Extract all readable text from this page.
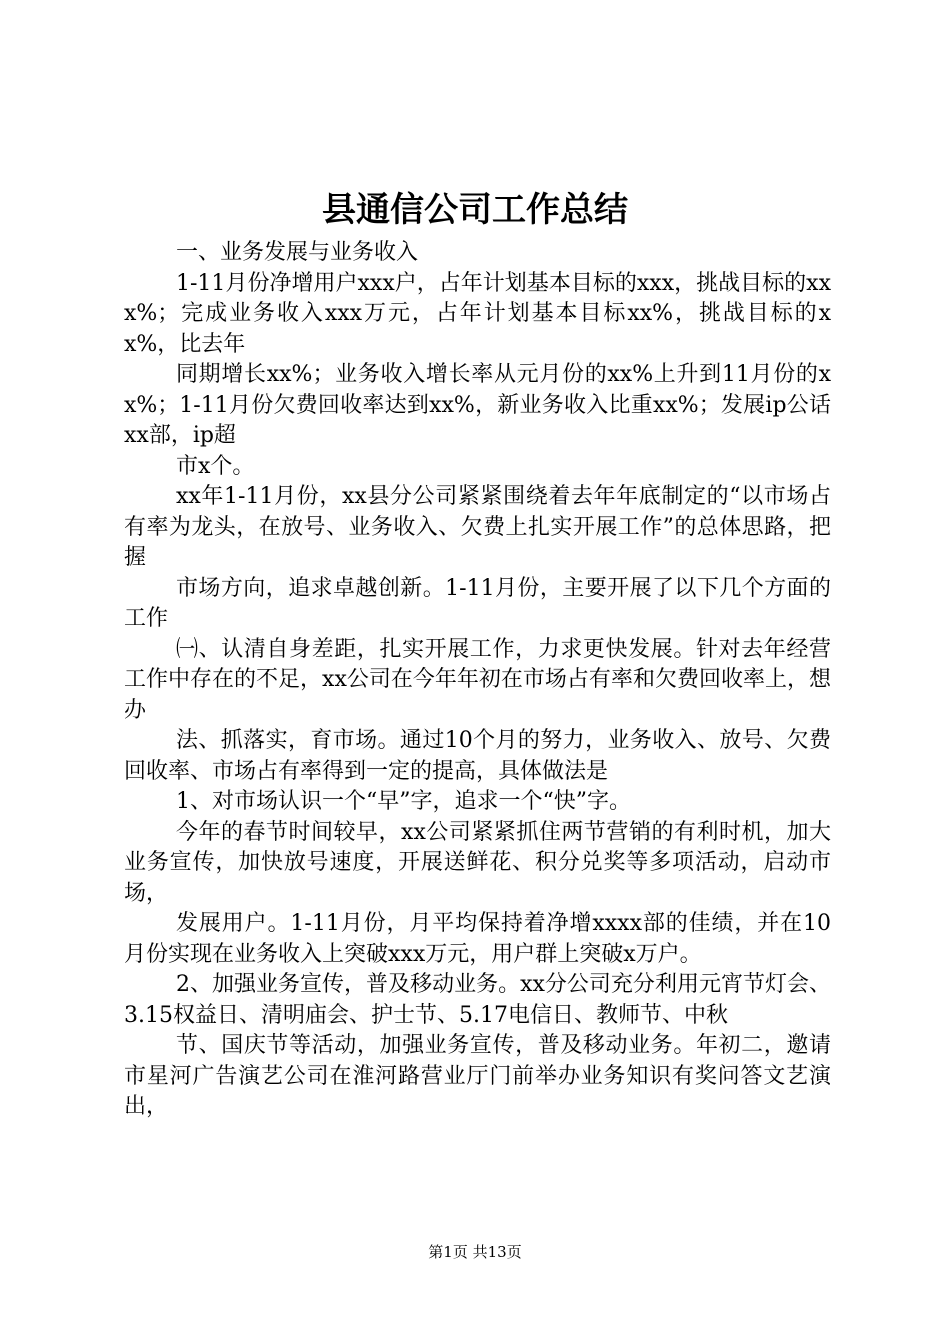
县通信公司工作总结

一、业务发展与业务收入

1-11月份净增用户xxx户，占年计划基本目标的xxx，挑战目标的xxx%；完成业务收入xxx万元，占年计划基本目标xx%，挑战目标的xx%，比去年

同期增长xx%；业务收入增长率从元月份的xx%上升到11月份的xx%；1-11月份欠费回收率达到xx%，新业务收入比重xx%；发展ip公话xx部，ip超

市x个。

xx年1-11月份，xx县分公司紧紧围绕着去年年底制定的“以市场占有率为龙头，在放号、业务收入、欠费上扎实开展工作”的总体思路，把握

市场方向，追求卓越创新。1-11月份，主要开展了以下几个方面的工作

㈠、认清自身差距，扎实开展工作，力求更快发展。针对去年经营工作中存在的不足，xx公司在今年年初在市场占有率和欠费回收率上，想办

法、抓落实，育市场。通过10个月的努力，业务收入、放号、欠费回收率、市场占有率得到一定的提高，具体做法是

1、对市场认识一个“早”字，追求一个“快”字。

今年的春节时间较早，xx公司紧紧抓住两节营销的有利时机，加大业务宣传，加快放号速度，开展送鲜花、积分兑奖等多项活动，启动市场，

发展用户。1-11月份，月平均保持着净增xxxx部的佳绩，并在10月份实现在业务收入上突破xxx万元，用户群上突破x万户。

2、加强业务宣传，普及移动业务。xx分公司充分利用元宵节灯会、3.15权益日、清明庙会、护士节、5.17电信日、教师节、中秋

节、国庆节等活动，加强业务宣传，普及移动业务。年初二，邀请市星河广告演艺公司在淮河路营业厅门前举办业务知识有奖问答文艺演出，

第1页 共13页
